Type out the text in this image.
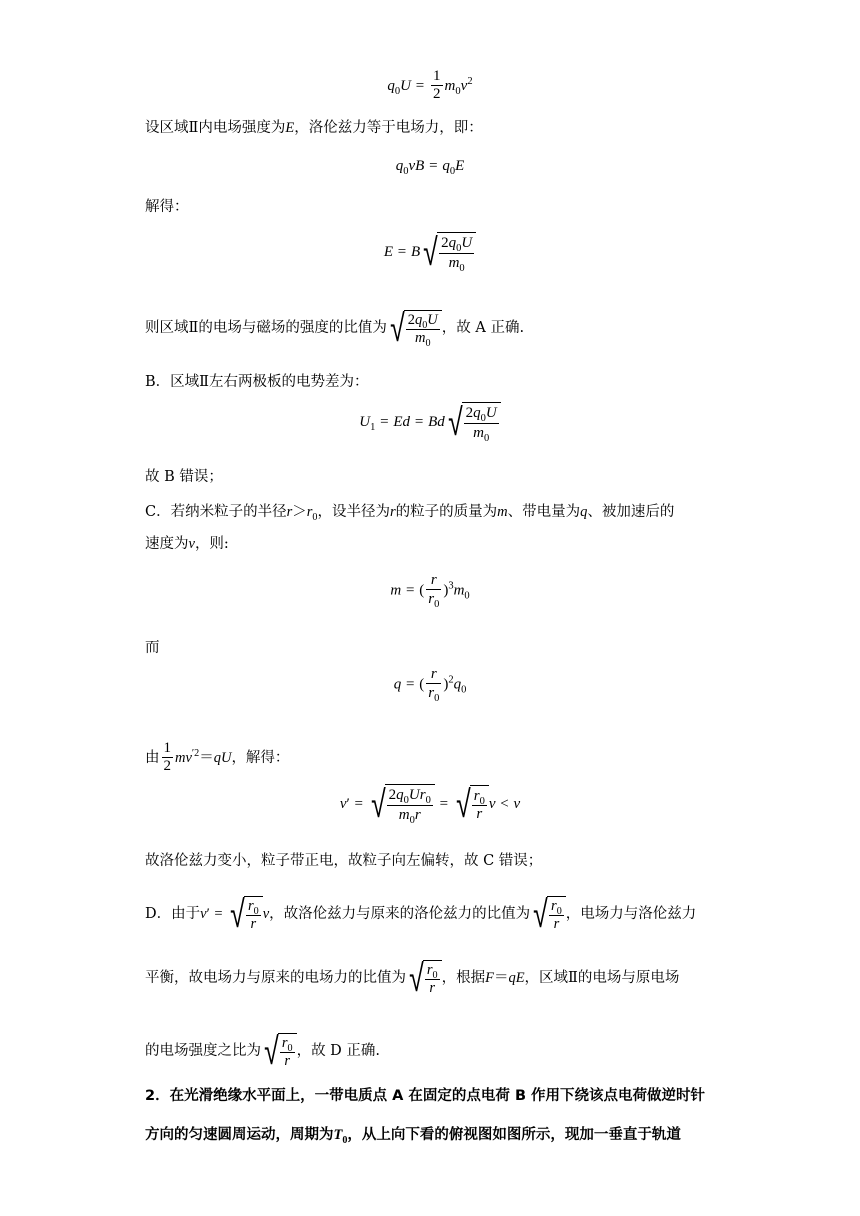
$q_0U = \frac{1}{2} m_0v^2$
设区域Ⅱ内电场强度为E，洛伦兹力等于电场力，即：
$q_0vB = q_0E$
解得：
$E = B√ \frac{2q_0U}{m_0}$
则区域Ⅱ的电场与磁场的强度的比值为√ $\frac{2q_0U}{m_0}$ ，故 A 正确.
B．区域Ⅱ左右两极板的电势差为：
$U_1 = Ed = Bd√ \frac{2q_0U}{m_0}$
故 B 错误；
C．若纳米粒子的半径$r>r_0$，设半径为r的粒子的质量为m、带电量为q、被加速后的
速度为v，则:
m = ( $\frac{r}{r_0} )^3m_0$
而
q = ( $\frac{r}{r_0} )^2q_0$
由 $\frac{1}{2} mv^{'2}=qU$，解得：
v′ = √ $\frac{2q_0Ur_0}{m_0r}$ = √ $\frac{r_0}{r}$ v < v
故洛伦兹力变小，粒子带正电，故粒子向左偏转，故 C 错误；
D．由于v′ = √ $\frac{r_0}{r}$ v，故洛伦兹力与原来的洛伦兹力的比值为√ $\frac{r_0}{r}$ ，电场力与洛伦兹力
平衡，故电场力与原来的电场力的比值为√ $\frac{r_0}{r}$ ，根据F＝qE，区域Ⅱ的电场与原电场
的电场强度之比为√ $\frac{r_0}{r}$ ，故 D 正确.
2．在光滑绝缘水平面上，一带电质点 A 在固定的点电荷 B 作用下绕该点电荷做逆时针
方向的匀速圆周运动，周期为$T_0$，从上向下看的俯视图如图所示，现加一垂直于轨道
